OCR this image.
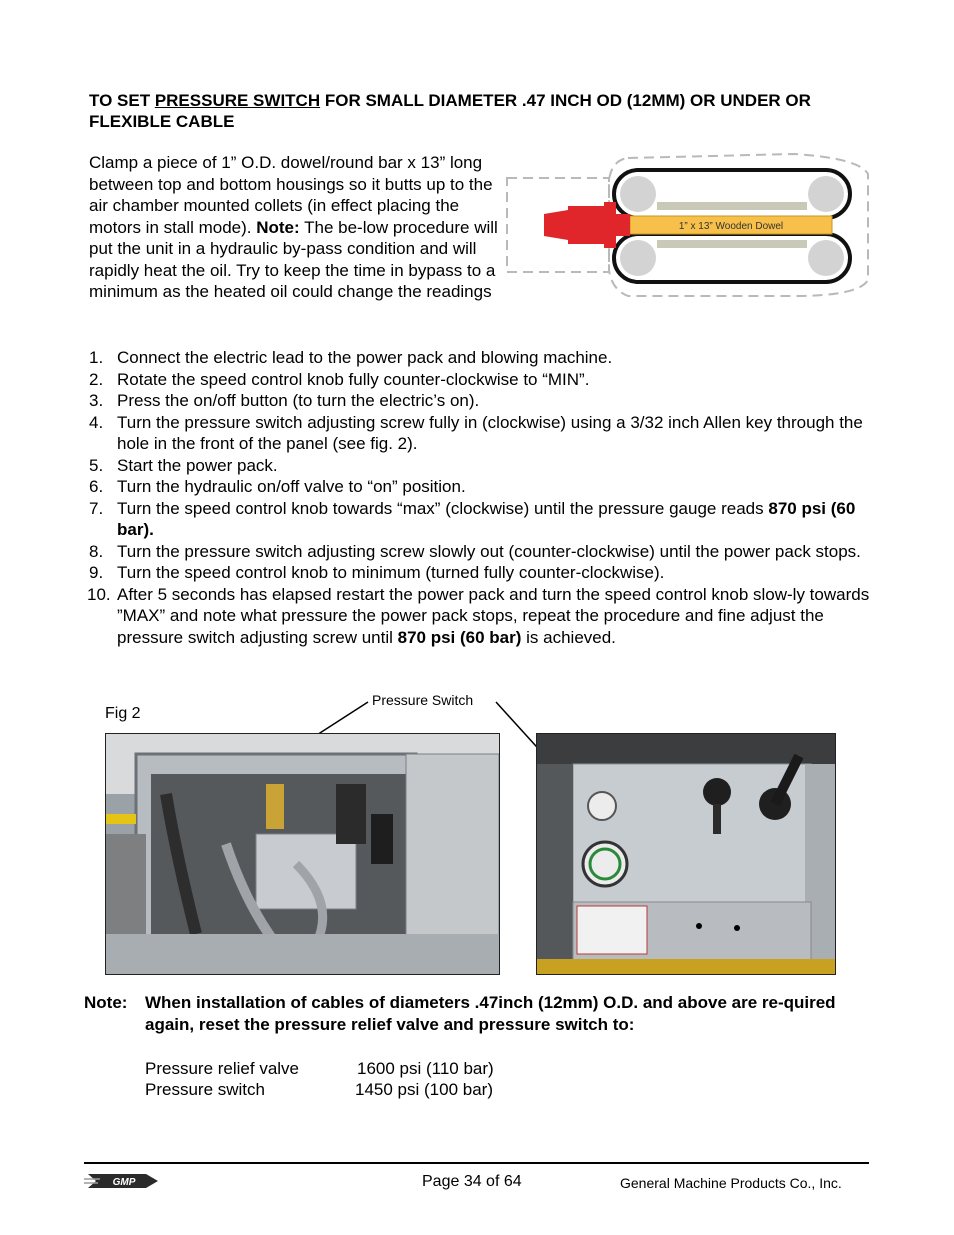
TO SET PRESSURE SWITCH FOR SMALL DIAMETER .47 INCH OD (12MM) OR UNDER OR FLEXIBLE CABLE
Clamp a piece of 1” O.D. dowel/round bar x 13” long between top and bottom housings so it butts up to the air chamber mounted collets (in effect placing the motors in stall mode). Note: The be-low procedure will put the unit in a hydraulic by-pass condition and will rapidly heat the oil. Try to keep the time in bypass to a minimum as the heated oil could change the readings
1” x 13” Wooden Dowel
1. Connect the electric lead to the power pack and blowing machine.
2. Rotate the speed control knob fully counter-clockwise to “MIN”.
3. Press the on/off button (to turn the electric’s on).
4. Turn the pressure switch adjusting screw fully in (clockwise) using a 3/32 inch Allen key through the hole in the front of the panel (see fig. 2).
5. Start the power pack.
6. Turn the hydraulic on/off valve to “on” position.
7. Turn the speed control knob towards “max” (clockwise) until the pressure gauge reads 870 psi (60 bar).
8. Turn the pressure switch adjusting screw slowly out (counter-clockwise) until the power pack stops.
9. Turn the speed control knob to minimum (turned fully counter-clockwise).
10. After 5 seconds has elapsed restart the power pack and turn the speed control knob slow-ly towards ”MAX” and note what pressure the power pack stops, repeat the procedure and fine adjust the pressure switch adjusting screw until 870 psi (60 bar) is achieved.
Fig 2
Pressure Switch
Note: When installation of cables of diameters .47inch (12mm) O.D. and above are re-quired again, reset the pressure relief valve and pressure switch to:
Pressure relief valve	1600 psi (110 bar)
Pressure switch	1450 psi (100 bar)
GMP	Page 34 of 64	General Machine Products Co., Inc.
